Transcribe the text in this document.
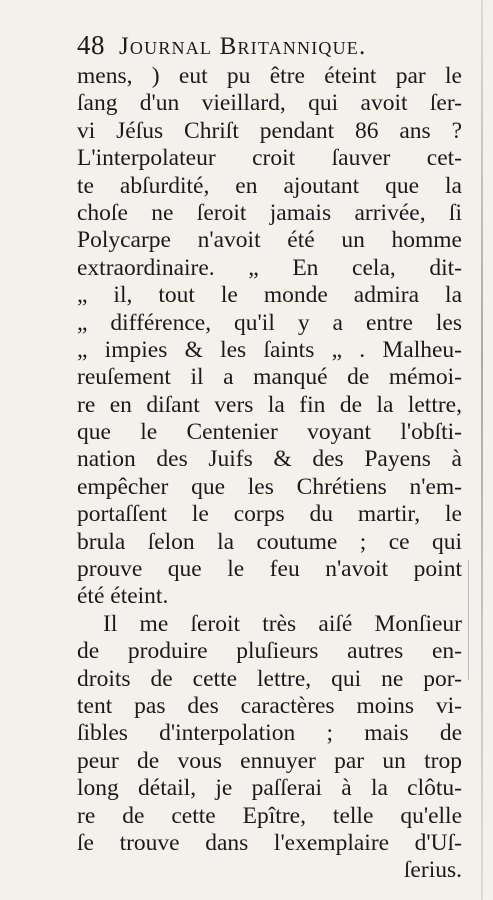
48 Journal Britannique.
mens, ) eut pu être éteint par le
ſang d'un vieillard, qui avoit ſer-
vi Jéſus Chriſt pendant 86 ans ?
L'interpolateur croit ſauver cet-
te abſurdité, en ajoutant que la
choſe ne ſeroit jamais arrivée, ſi
Polycarpe n'avoit été un homme
extraordinaire. „ En cela, dit-
„ il, tout le monde admira la
„ différence, qu'il y a entre les
„ impies & les ſaints „ . Malheu-
reuſement il a manqué de mémoi-
re en diſant vers la fin de la lettre,
que le Centenier voyant l'obſti-
nation des Juifs & des Payens à
empêcher que les Chrétiens n'em-
portaſſent le corps du martir, le
brula ſelon la coutume ; ce qui
prouve que le feu n'avoit point
été éteint.
Il me ſeroit très aiſé Monſieur
de produire pluſieurs autres en-
droits de cette lettre, qui ne por-
tent pas des caractères moins vi-
ſibles d'interpolation ; mais de
peur de vous ennuyer par un trop
long détail, je paſſerai à la clôtu-
re de cette Epître, telle qu'elle
ſe trouve dans l'exemplaire d'Uſ-
ſerius.
